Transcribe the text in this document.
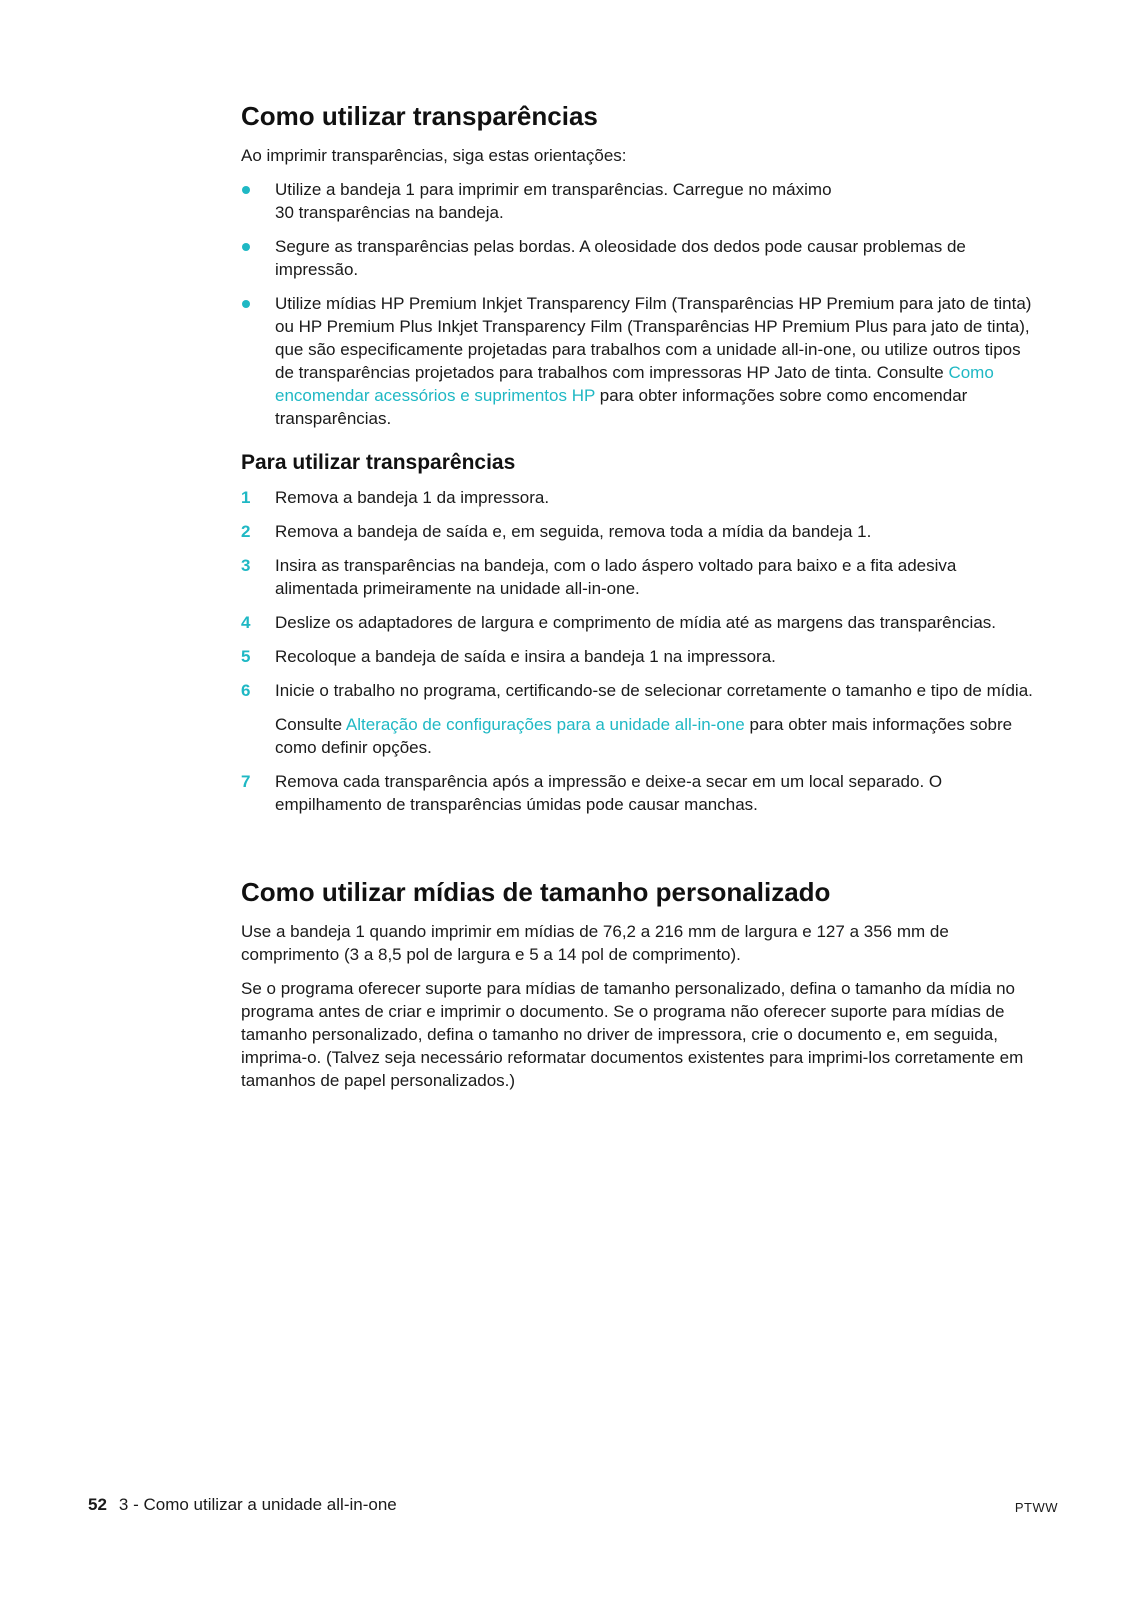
Como utilizar transparências

Ao imprimir transparências, siga estas orientações:

Utilize a bandeja 1 para imprimir em transparências. Carregue no máximo
30 transparências na bandeja.
Segure as transparências pelas bordas. A oleosidade dos dedos pode causar problemas de impressão.
Utilize mídias HP Premium Inkjet Transparency Film (Transparências HP Premium para jato de tinta) ou HP Premium Plus Inkjet Transparency Film (Transparências HP Premium Plus para jato de tinta), que são especificamente projetadas para trabalhos com a unidade all-in-one, ou utilize outros tipos de transparências projetados para trabalhos com impressoras HP Jato de tinta. Consulte Como encomendar acessórios e suprimentos HP para obter informações sobre como encomendar transparências.
Para utilizar transparências
1 Remova a bandeja 1 da impressora.
2 Remova a bandeja de saída e, em seguida, remova toda a mídia da bandeja 1.
3 Insira as transparências na bandeja, com o lado áspero voltado para baixo e a fita adesiva alimentada primeiramente na unidade all-in-one.
4 Deslize os adaptadores de largura e comprimento de mídia até as margens das transparências.
5 Recoloque a bandeja de saída e insira a bandeja 1 na impressora.
6 Inicie o trabalho no programa, certificando-se de selecionar corretamente o tamanho e tipo de mídia.

Consulte Alteração de configurações para a unidade all-in-one para obter mais informações sobre como definir opções.

7 Remova cada transparência após a impressão e deixe-a secar em um local separado. O empilhamento de transparências úmidas pode causar manchas.
Como utilizar mídias de tamanho personalizado

Use a bandeja 1 quando imprimir em mídias de 76,2 a 216 mm de largura e 127 a 356 mm de comprimento (3 a 8,5 pol de largura e 5 a 14 pol de comprimento).

Se o programa oferecer suporte para mídias de tamanho personalizado, defina o tamanho da mídia no programa antes de criar e imprimir o documento. Se o programa não oferecer suporte para mídias de tamanho personalizado, defina o tamanho no driver de impressora, crie o documento e, em seguida, imprima-o. (Talvez seja necessário reformatar documentos existentes para imprimi-los corretamente em tamanhos de papel personalizados.)

52 3 - Como utilizar a unidade all-in-one	PTWW
